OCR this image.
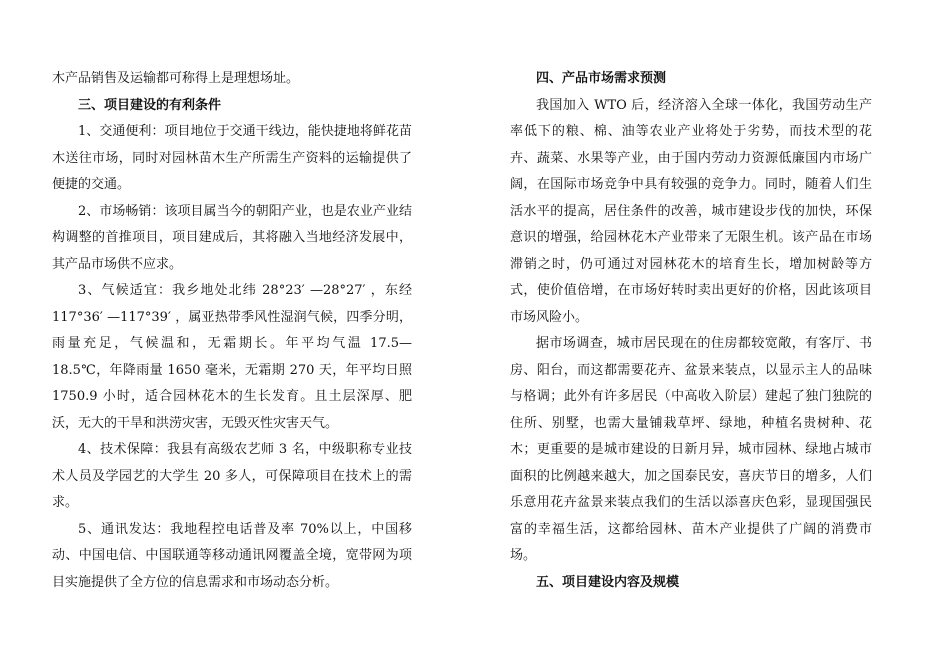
木产品销售及运输都可称得上是理想场址。

三、项目建设的有利条件

1、交通便利：项目地位于交通干线边，能快捷地将鲜花苗木送往市场，同时对园林苗木生产所需生产资料的运输提供了便捷的交通。

2、市场畅销：该项目属当今的朝阳产业，也是农业产业结构调整的首推项目，项目建成后，其将融入当地经济发展中，其产品市场供不应求。

3、气候适宜：我乡地处北纬 28°23′ —28°27′ ，东经 117°36′ —117°39′ ，属亚热带季风性湿润气候，四季分明，雨量充足，气候温和，无霜期长。年平均气温 17.5—18.5℃，年降雨量 1650 毫米，无霜期 270 天，年平均日照 1750.9 小时，适合园林花木的生长发育。且土层深厚、肥沃，无大的干旱和洪涝灾害，无毁灭性灾害天气。

4、技术保障：我县有高级农艺师 3 名，中级职称专业技术人员及学园艺的大学生 20 多人，可保障项目在技术上的需求。

5、通讯发达：我地程控电话普及率 70%以上，中国移动、中国电信、中国联通等移动通讯网覆盖全境，宽带网为项目实施提供了全方位的信息需求和市场动态分析。

四、产品市场需求预测

我国加入 WTO 后，经济溶入全球一体化，我国劳动生产率低下的粮、棉、油等农业产业将处于劣势，而技术型的花卉、蔬菜、水果等产业，由于国内劳动力资源低廉国内市场广阔，在国际市场竞争中具有较强的竞争力。同时，随着人们生活水平的提高，居住条件的改善，城市建设步伐的加快，环保意识的增强，给园林花木产业带来了无限生机。该产品在市场滞销之时，仍可通过对园林花木的培育生长，增加树龄等方式，使价值倍增，在市场好转时卖出更好的价格，因此该项目市场风险小。

据市场调查，城市居民现在的住房都较宽敞，有客厅、书房、阳台，而这都需要花卉、盆景来装点，以显示主人的品味与格调；此外有许多居民（中高收入阶层）建起了独门独院的住所、别墅，也需大量铺栽草坪、绿地，种植名贵树种、花木；更重要的是城市建设的日新月异，城市园林、绿地占城市面积的比例越来越大，加之国泰民安，喜庆节日的增多，人们乐意用花卉盆景来装点我们的生活以添喜庆色彩，显现国强民富的幸福生活，这都给园林、苗木产业提供了广阔的消费市场。

五、项目建设内容及规模
